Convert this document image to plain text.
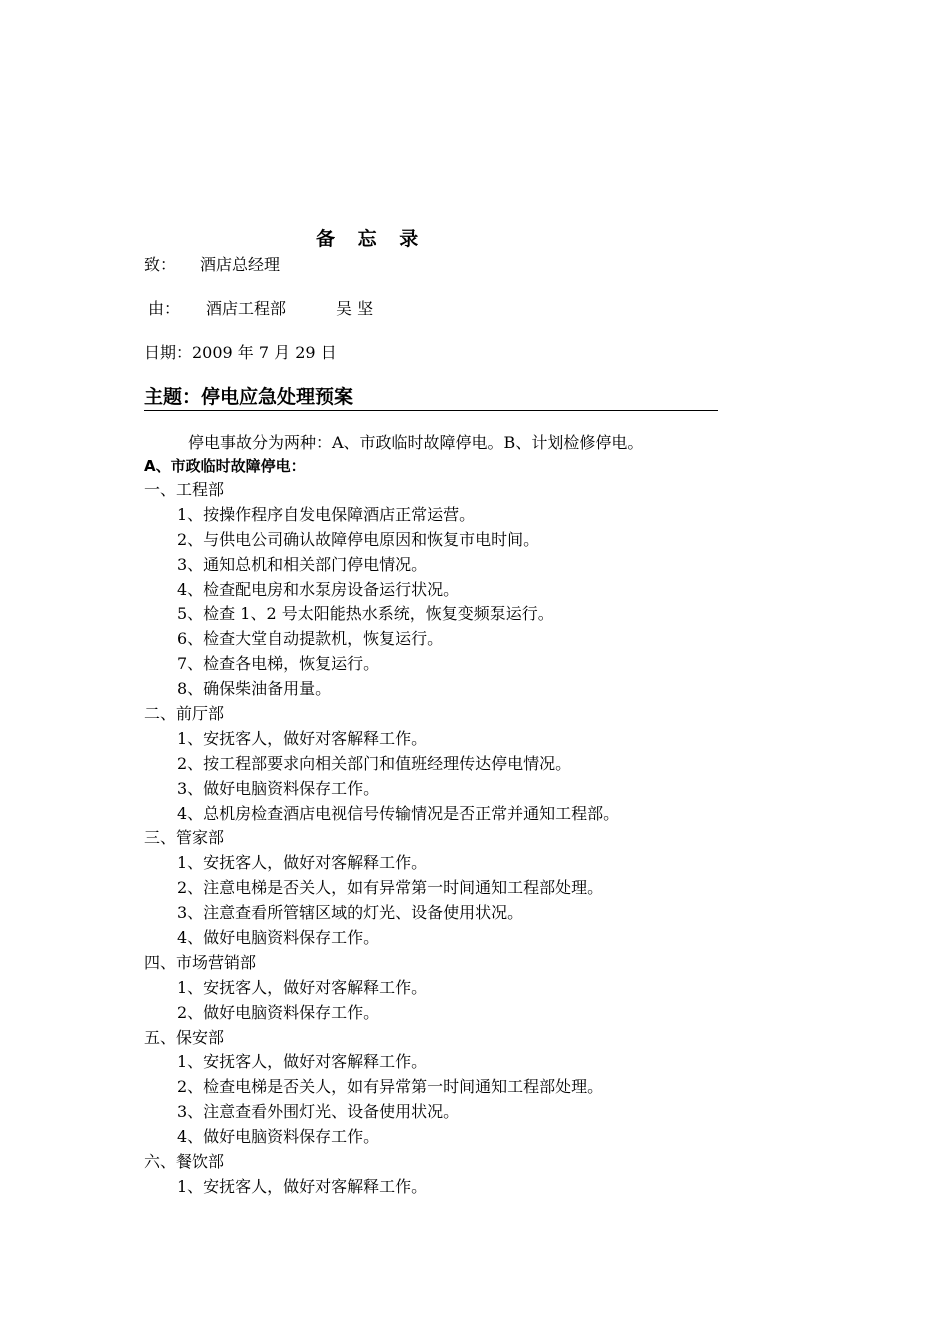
备 忘 录
致： 酒店总经理
由： 酒店工程部	吴 坚
日期：2009 年 7 月 29 日
主题：停电应急处理预案
停电事故分为两种：A、市政临时故障停电。B、计划检修停电。
A、市政临时故障停电：
一、工程部
1、按操作程序自发电保障酒店正常运营。
2、与供电公司确认故障停电原因和恢复市电时间。
3、通知总机和相关部门停电情况。
4、检查配电房和水泵房设备运行状况。
5、检查 1、2 号太阳能热水系统，恢复变频泵运行。
6、检查大堂自动提款机，恢复运行。
7、检查各电梯，恢复运行。
8、确保柴油备用量。
二、前厅部
1、安抚客人，做好对客解释工作。
2、按工程部要求向相关部门和值班经理传达停电情况。
3、做好电脑资料保存工作。
4、总机房检查酒店电视信号传输情况是否正常并通知工程部。
三、管家部
1、安抚客人，做好对客解释工作。
2、注意电梯是否关人，如有异常第一时间通知工程部处理。
3、注意查看所管辖区域的灯光、设备使用状况。
4、做好电脑资料保存工作。
四、市场营销部
1、安抚客人，做好对客解释工作。
2、做好电脑资料保存工作。
五、保安部
1、安抚客人，做好对客解释工作。
2、检查电梯是否关人，如有异常第一时间通知工程部处理。
3、注意查看外围灯光、设备使用状况。
4、做好电脑资料保存工作。
六、餐饮部
1、安抚客人，做好对客解释工作。
